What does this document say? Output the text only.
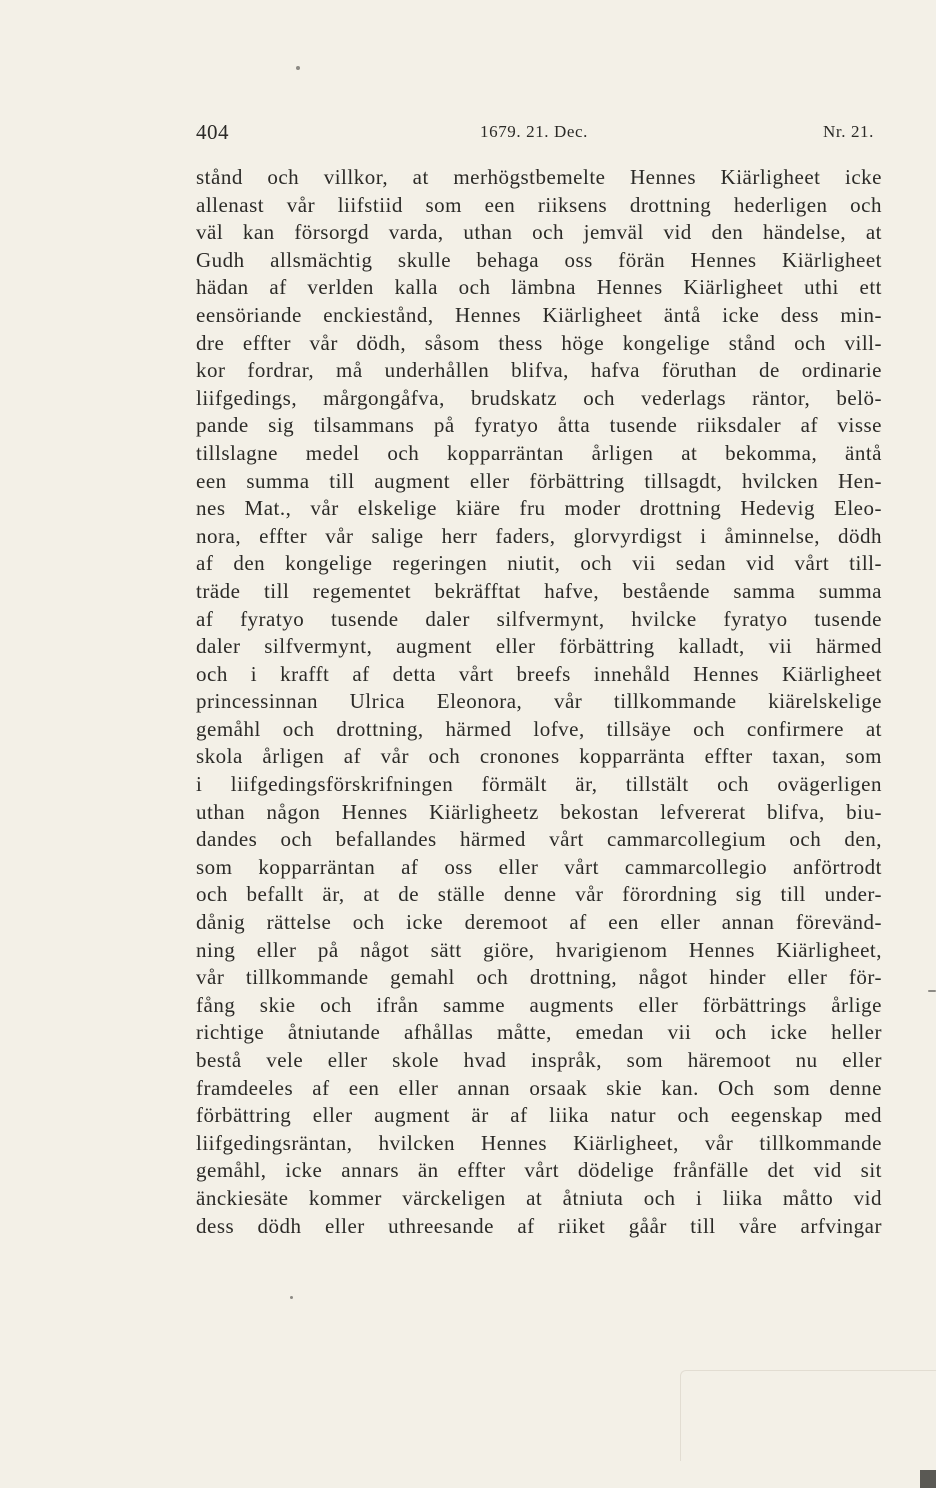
404	1679. 21. Dec.	Nr. 21.
stånd och villkor, at merhögstbemelte Hennes Kiärligheet icke
allenast vår liifstiid som een riiksens drottning hederligen och
väl kan försorgd varda, uthan och jemväl vid den händelse, at
Gudh allsmächtig skulle behaga oss förän Hennes Kiärligheet
hädan af verlden kalla och lämbna Hennes Kiärligheet uthi ett
eensöriande enckiestånd, Hennes Kiärligheet äntå icke dess min-
dre effter vår dödh, såsom thess höge kongelige stånd och vill-
kor fordrar, må underhållen blifva, hafva föruthan de ordinarie
liifgedings, mårgongåfva, brudskatz och vederlags räntor, belö-
pande sig tilsammans på fyratyo åtta tusende riiksdaler af visse
tillslagne medel och kopparräntan årligen at bekomma, äntå
een summa till augment eller förbättring tillsagdt, hvilcken Hen-
nes Mat., vår elskelige kiäre fru moder drottning Hedevig Eleo-
nora, effter vår salige herr faders, glorvyrdigst i åminnelse, dödh
af den kongelige regeringen niutit, och vii sedan vid vårt till-
träde till regementet bekräfftat hafve, bestående samma summa
af fyratyo tusende daler silfvermynt, hvilcke fyratyo tusende
daler silfvermynt, augment eller förbättring kalladt, vii härmed
och i krafft af detta vårt breefs innehåld Hennes Kiärligheet
princessinnan Ulrica Eleonora, vår tillkommande kiärelskelige
gemåhl och drottning, härmed lofve, tillsäye och confirmere at
skola årligen af vår och cronones kopparränta effter taxan, som
i liifgedingsförskrifningen förmält är, tillstält och ovägerligen
uthan någon Hennes Kiärligheetz bekostan lefvererat blifva, biu-
dandes och befallandes härmed vårt cammarcollegium och den,
som kopparräntan af oss eller vårt cammarcollegio anförtrodt
och befallt är, at de ställe denne vår förordning sig till under-
dånig rättelse och icke deremoot af een eller annan förevänd-
ning eller på något sätt giöre, hvarigienom Hennes Kiärligheet,
vår tillkommande gemahl och drottning, något hinder eller för-
fång skie och ifrån samme augments eller förbättrings årlige
richtige åtniutande afhållas måtte, emedan vii och icke heller
bestå vele eller skole hvad inspråk, som häremoot nu eller
framdeeles af een eller annan orsaak skie kan. Och som denne
förbättring eller augment är af liika natur och eegenskap med
liifgedingsräntan, hvilcken Hennes Kiärligheet, vår tillkommande
gemåhl, icke annars än effter vårt dödelige frånfälle det vid sit
änckiesäte kommer värckeligen at åtniuta och i liika måtto vid
dess dödh eller uthreesande af riiket gåår till våre arfvingar
